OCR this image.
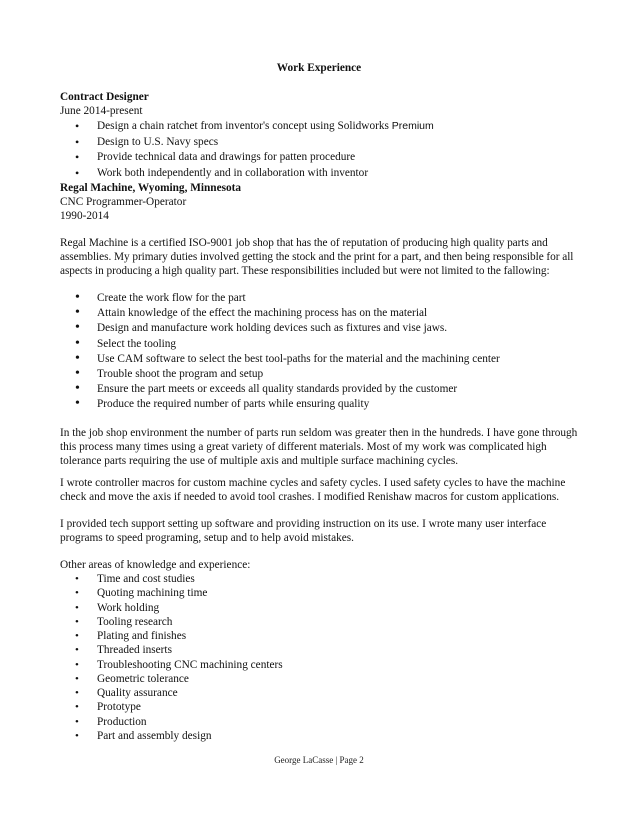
Work Experience
Contract Designer
June 2014-present
• Design a chain ratchet from inventor's concept using Solidworks Premium
• Design to U.S. Navy specs
• Provide technical data and drawings for patten procedure
• Work both independently and in collaboration with inventor
Regal Machine, Wyoming, Minnesota
CNC Programmer-Operator
1990-2014

Regal Machine is a certified ISO-9001 job shop that has the of reputation of producing high quality parts and assemblies. My primary duties involved getting the stock and the print for a part, and then being responsible for all aspects in producing a high quality part. These responsibilities included but were not limited to the fallowing:

• Create the work flow for the part
• Attain knowledge of the effect the machining process has on the material
• Design and manufacture work holding devices such as fixtures and vise jaws.
• Select the tooling
• Use CAM software to select the best tool-paths for the material and the machining center
• Trouble shoot the program and setup
• Ensure the part meets or exceeds all quality standards provided by the customer
• Produce the required number of parts while ensuring quality

In the job shop environment the number of parts run seldom was greater then in the hundreds. I have gone through this process many times using a great variety of different materials. Most of my work was complicated high tolerance parts requiring the use of multiple axis and multiple surface machining cycles.

I wrote controller macros for custom machine cycles and safety cycles. I used safety cycles to have the machine check and move the axis if needed to avoid tool crashes. I modified Renishaw macros for custom applications.

I provided tech support setting up software and providing instruction on its use. I wrote many user interface programs to speed programing, setup and to help avoid mistakes.

Other areas of knowledge and experience:
• Time and cost studies
• Quoting machining time
• Work holding
• Tooling research
• Plating and finishes
• Threaded inserts
• Troubleshooting CNC machining centers
• Geometric tolerance
• Quality assurance
• Prototype
• Production
• Part and assembly design
George LaCasse | Page 2
